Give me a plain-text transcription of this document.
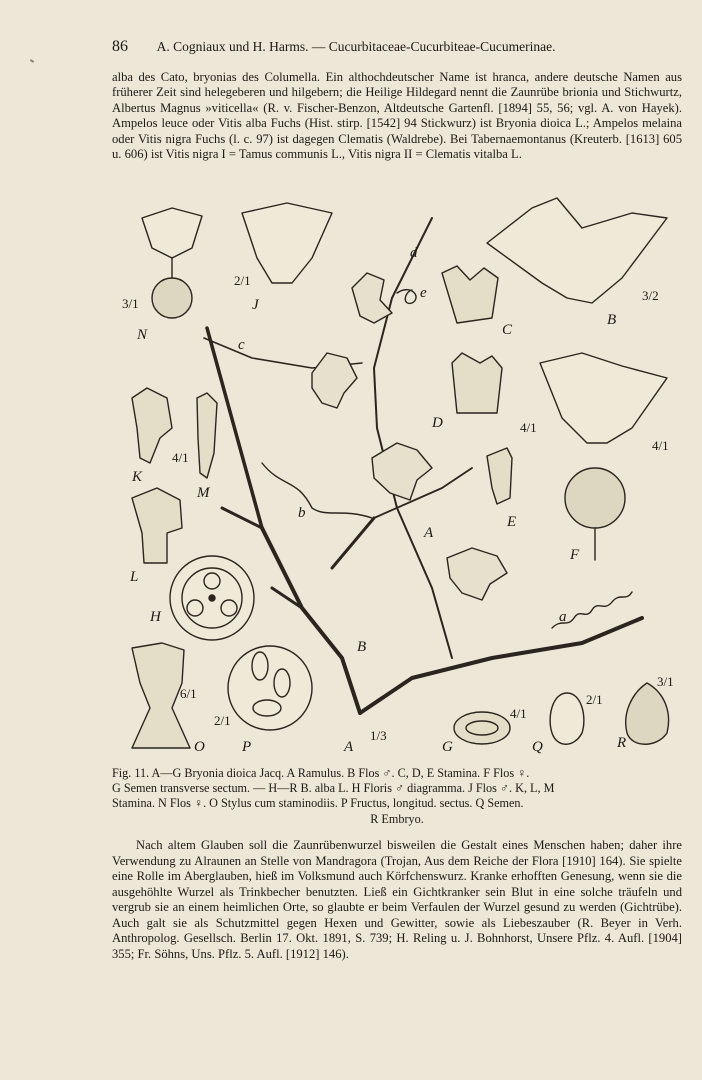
86 A. Cogniaux und H. Harms. — Cucurbitaceae-Cucurbiteae-Cucumerinae.

alba des Cato, bryonias des Columella. Ein althochdeutscher Name ist hranca, andere deutsche Namen aus früherer Zeit sind helegeberen und hilgebern; die Heilige Hildegard nennt die Zaunrübe brionia und Stichwurtz, Albertus Magnus »viticella« (R. v. Fischer-Benzon, Altdeutsche Gartenfl. [1894] 55, 56; vgl. A. von Hayek). Ampelos leuce oder Vitis alba Fuchs (Hist. stirp. [1542] 94 Stickwurz) ist Bryonia dioica L.; Ampelos melaina oder Vitis nigra Fuchs (l. c. 97) ist dagegen Clematis (Waldrebe). Bei Tabernaemontanus (Kreuterb. [1613] 605 u. 606) ist Vitis nigra I = Tamus communis L., Vitis nigra II = Clematis vitalba L.

N
3/1	J
2/1
B
3/2
C
D	4/1
E
F
4/1
K
4/1
M
L
H
6/1
O
2/1
P	A
1/3
G
4/1
Q
2/1
R
3/1
A
B
a
b
c
d
e

Fig. 11. A—G Bryonia dioica Jacq. A Ramulus. B Flos ♂. C, D, E Stamina. F Flos ♀.

G Semen transverse sectum. — H—R B. alba L. H Floris ♂ diagramma. J Flos ♂. K, L, M

Stamina. N Flos ♀. O Stylus cum staminodiis. P Fructus, longitud. sectus. Q Semen.

R Embryo.

Nach altem Glauben soll die Zaunrübenwurzel bisweilen die Gestalt eines Menschen haben; daher ihre Verwendung zu Alraunen an Stelle von Mandragora (Trojan, Aus dem Reiche der Flora [1910] 164). Sie spielte eine Rolle im Aberglauben, hieß im Volksmund auch Körfchenswurz. Kranke erhofften Genesung, wenn sie die ausgehöhlte Wurzel als Trinkbecher benutzten. Ließ ein Gichtkranker sein Blut in eine solche träufeln und vergrub sie an einem heimlichen Orte, so glaubte er beim Verfaulen der Wurzel gesund zu werden (Gichtrübe). Auch galt sie als Schutzmittel gegen Hexen und Gewitter, sowie als Liebeszauber (R. Beyer in Verh. Anthropolog. Gesellsch. Berlin 17. Okt. 1891, S. 739; H. Reling u. J. Bohnhorst, Unsere Pflz. 4. Aufl. [1904] 355; Fr. Söhns, Uns. Pflz. 5. Aufl. [1912] 146).
